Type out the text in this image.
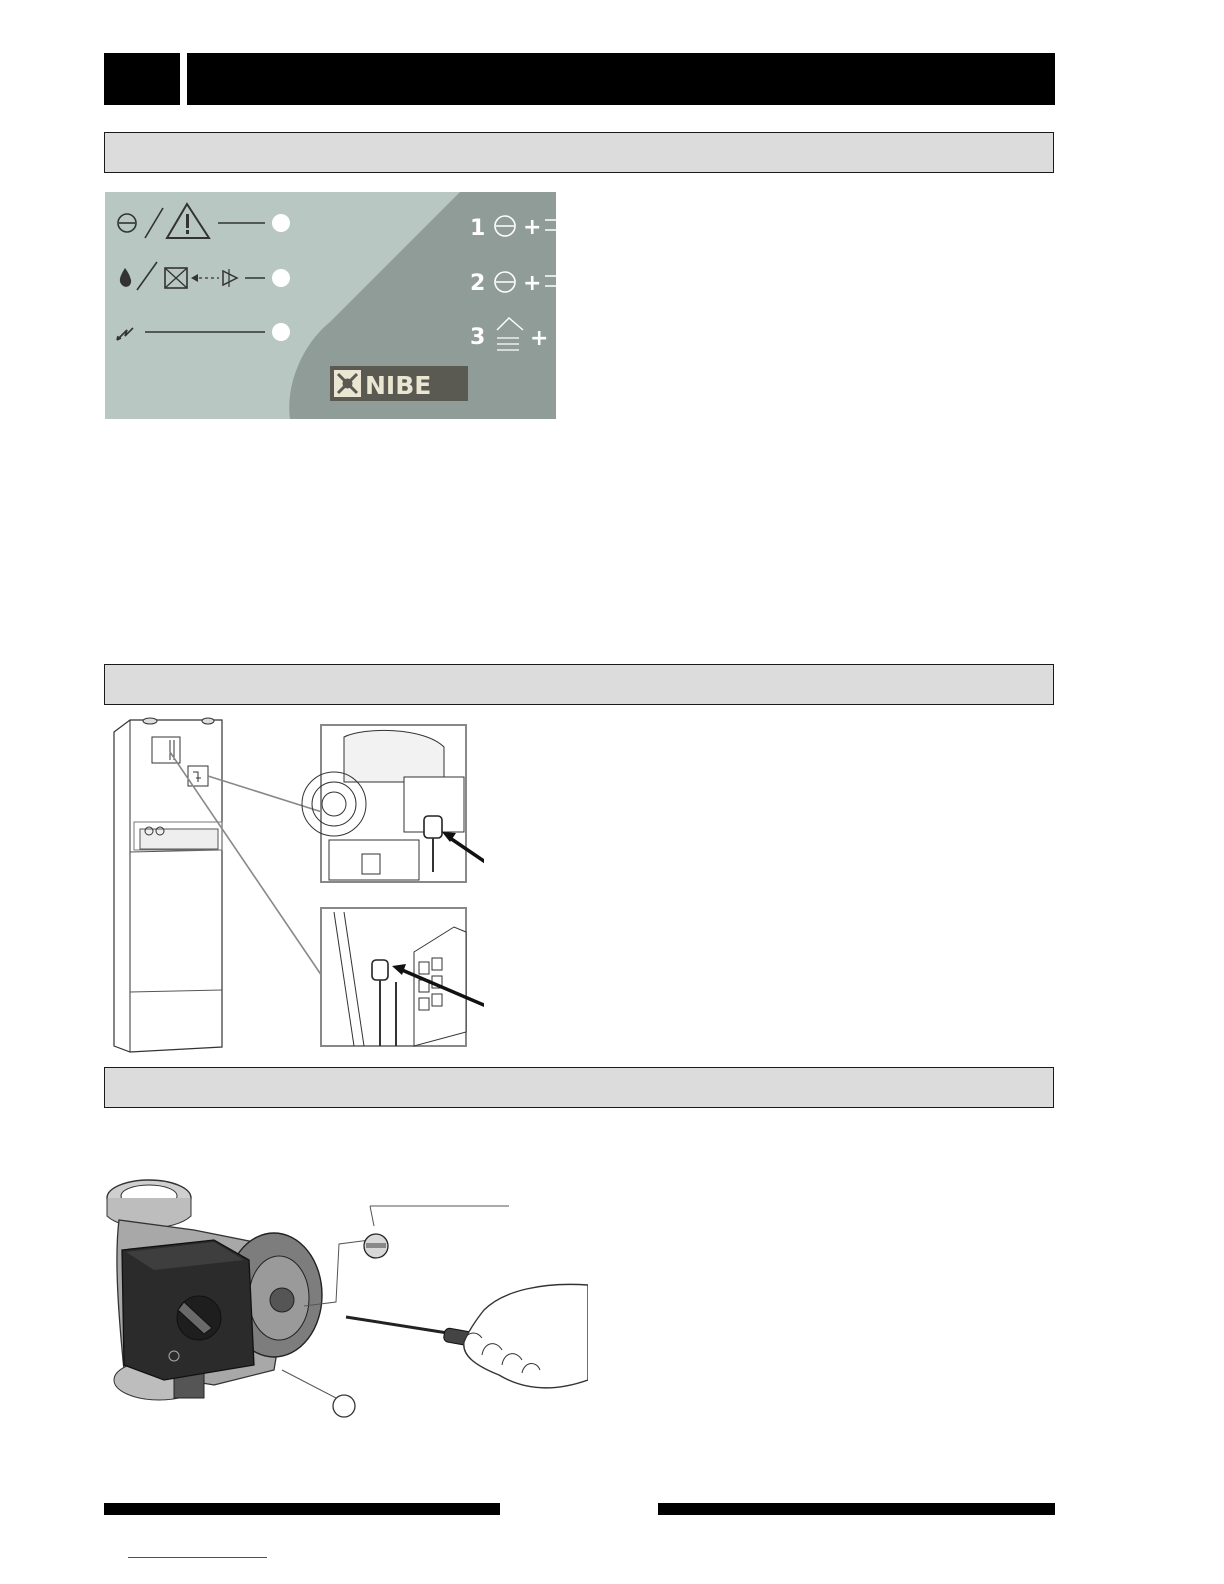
1 +
2 +
3 +
NIBE
